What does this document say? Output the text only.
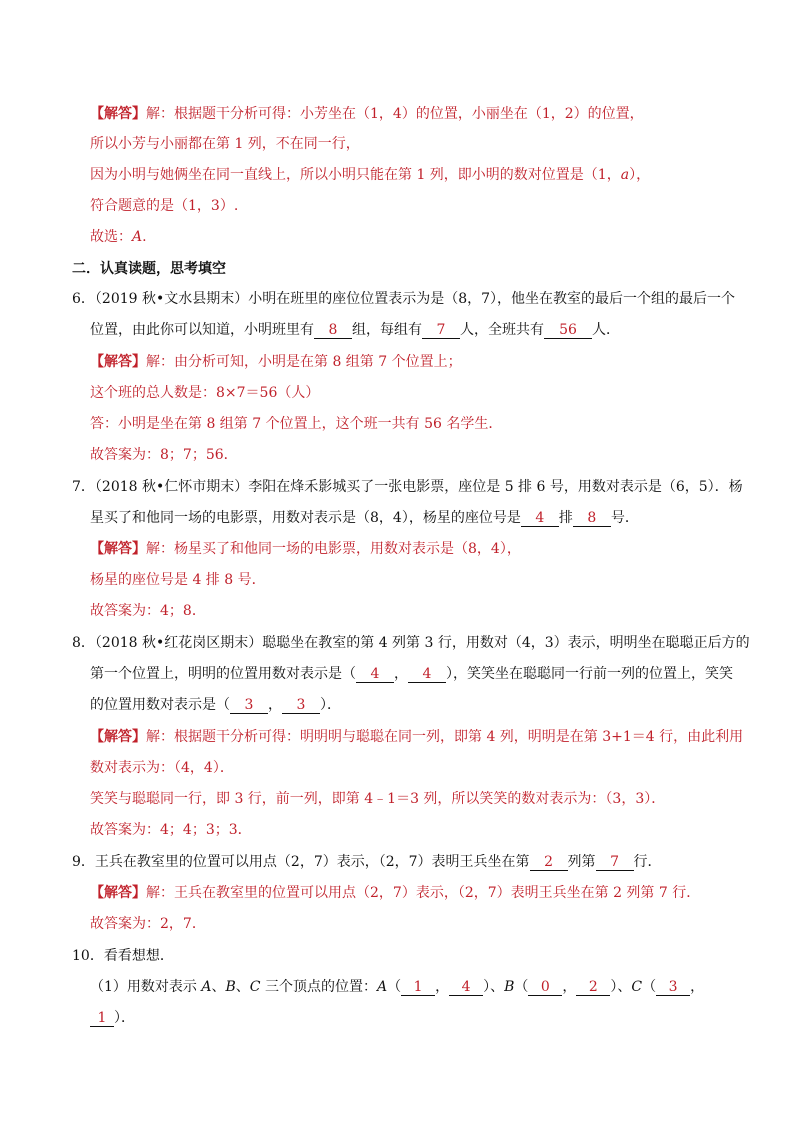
【解答】解：根据题干分析可得：小芳坐在（1，4）的位置，小丽坐在（1，2）的位置，
所以小芳与小丽都在第 1 列，不在同一行，
因为小明与她俩坐在同一直线上，所以小明只能在第 1 列，即小明的数对位置是（1，a），
符合题意的是（1，3）.
故选：A.
二．认真读题，思考填空
6．（2019 秋•文水县期末）小明在班里的座位位置表示为是（8，7），他坐在教室的最后一个组的最后一个
位置，由此你可以知道，小明班里有 8 组，每组有 7 人，全班共有 56 人．
【解答】解：由分析可知，小明是在第 8 组第 7 个位置上；
这个班的总人数是：8×7＝56（人）
答：小明是坐在第 8 组第 7 个位置上，这个班一共有 56 名学生．
故答案为：8；7；56．
7．（2018 秋•仁怀市期末）李阳在烽禾影城买了一张电影票，座位是 5 排 6 号，用数对表示是（6，5）．杨
星买了和他同一场的电影票，用数对表示是（8，4），杨星的座位号是 4 排 8 号．
【解答】解：杨星买了和他同一场的电影票，用数对表示是（8，4），
杨星的座位号是 4 排 8 号．
故答案为：4；8．
8．（2018 秋•红花岗区期末）聪聪坐在教室的第 4 列第 3 行，用数对（4，3）表示，明明坐在聪聪正后方的
第一个位置上，明明的位置用数对表示是（ 4 ， 4 ），笑笑坐在聪聪同一行前一列的位置上，笑笑
的位置用数对表示是（ 3 ， 3 ）．
【解答】解：根据题干分析可得：明明明与聪聪在同一列，即第 4 列，明明是在第 3+1＝4 行，由此利用
数对表示为：（4，4）．
笑笑与聪聪同一行，即 3 行，前一列，即第 4﹣1＝3 列，所以笑笑的数对表示为：（3，3）．
故答案为：4；4；3；3．
9．王兵在教室里的位置可以用点（2，7）表示，（2，7）表明王兵坐在第 2 列第 7 行．
【解答】解：王兵在教室里的位置可以用点（2，7）表示，（2，7）表明王兵坐在第 2 列第 7 行．
故答案为：2，7．
10．看看想想．
（1）用数对表示 A、B、C 三个顶点的位置：A（ 1 ， 4 ）、B（ 0 ， 2 ）、C（ 3 ，
1 ）．
